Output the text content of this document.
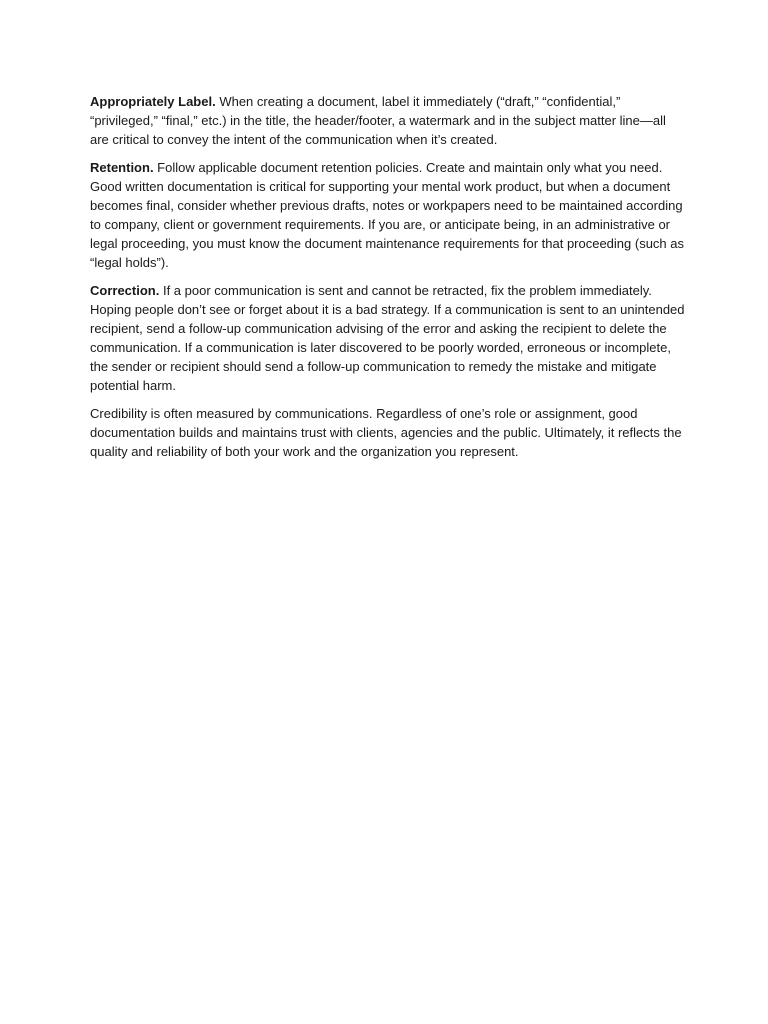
Appropriately Label. When creating a document, label it immediately (“draft,” “confidential,” “privileged,” “final,” etc.) in the title, the header/footer, a watermark and in the subject matter line—all are critical to convey the intent of the communication when it’s created.

Retention. Follow applicable document retention policies. Create and maintain only what you need. Good written documentation is critical for supporting your mental work product, but when a document becomes final, consider whether previous drafts, notes or workpapers need to be maintained according to company, client or government requirements. If you are, or anticipate being, in an administrative or legal proceeding, you must know the document maintenance requirements for that proceeding (such as “legal holds”).

Correction. If a poor communication is sent and cannot be retracted, fix the problem immediately. Hoping people don’t see or forget about it is a bad strategy. If a communication is sent to an unintended recipient, send a follow-up communication advising of the error and asking the recipient to delete the communication. If a communication is later discovered to be poorly worded, erroneous or incomplete, the sender or recipient should send a follow-up communication to remedy the mistake and mitigate potential harm.

Credibility is often measured by communications. Regardless of one’s role or assignment, good documentation builds and maintains trust with clients, agencies and the public. Ultimately, it reflects the quality and reliability of both your work and the organization you represent.
